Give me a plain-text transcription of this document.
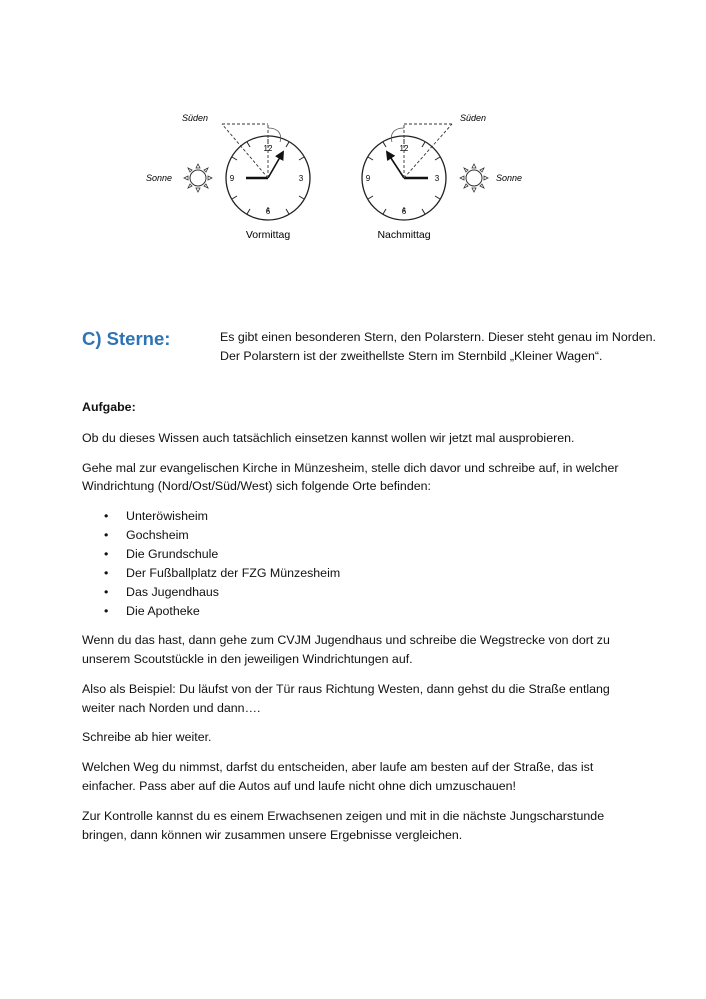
12
3
6
9
Sonne
Süden
Vormittag
12
3
6
9	Sonne
Süden
Nachmittag
C) Sterne:	Es gibt einen besonderen Stern, den Polarstern. Dieser steht genau im Norden.
Der Polarstern ist der zweithellste Stern im Sternbild „Kleiner Wagen“.
Aufgabe:

Ob du dieses Wissen auch tatsächlich einsetzen kannst wollen wir jetzt mal ausprobieren.

Gehe mal zur evangelischen Kirche in Münzesheim, stelle dich davor und schreibe auf, in welcher
Windrichtung (Nord/Ost/Süd/West) sich folgende Orte befinden:

• Unteröwisheim
• Gochsheim
• Die Grundschule
• Der Fußballplatz der FZG Münzesheim
• Das Jugendhaus
• Die Apotheke

Wenn du das hast, dann gehe zum CVJM Jugendhaus und schreibe die Wegstrecke von dort zu
unserem Scoutstückle in den jeweiligen Windrichtungen auf.

Also als Beispiel: Du läufst von der Tür raus Richtung Westen, dann gehst du die Straße entlang
weiter nach Norden und dann….

Schreibe ab hier weiter.

Welchen Weg du nimmst, darfst du entscheiden, aber laufe am besten auf der Straße, das ist
einfacher. Pass aber auf die Autos auf und laufe nicht ohne dich umzuschauen!

Zur Kontrolle kannst du es einem Erwachsenen zeigen und mit in die nächste Jungscharstunde
bringen, dann können wir zusammen unsere Ergebnisse vergleichen.
